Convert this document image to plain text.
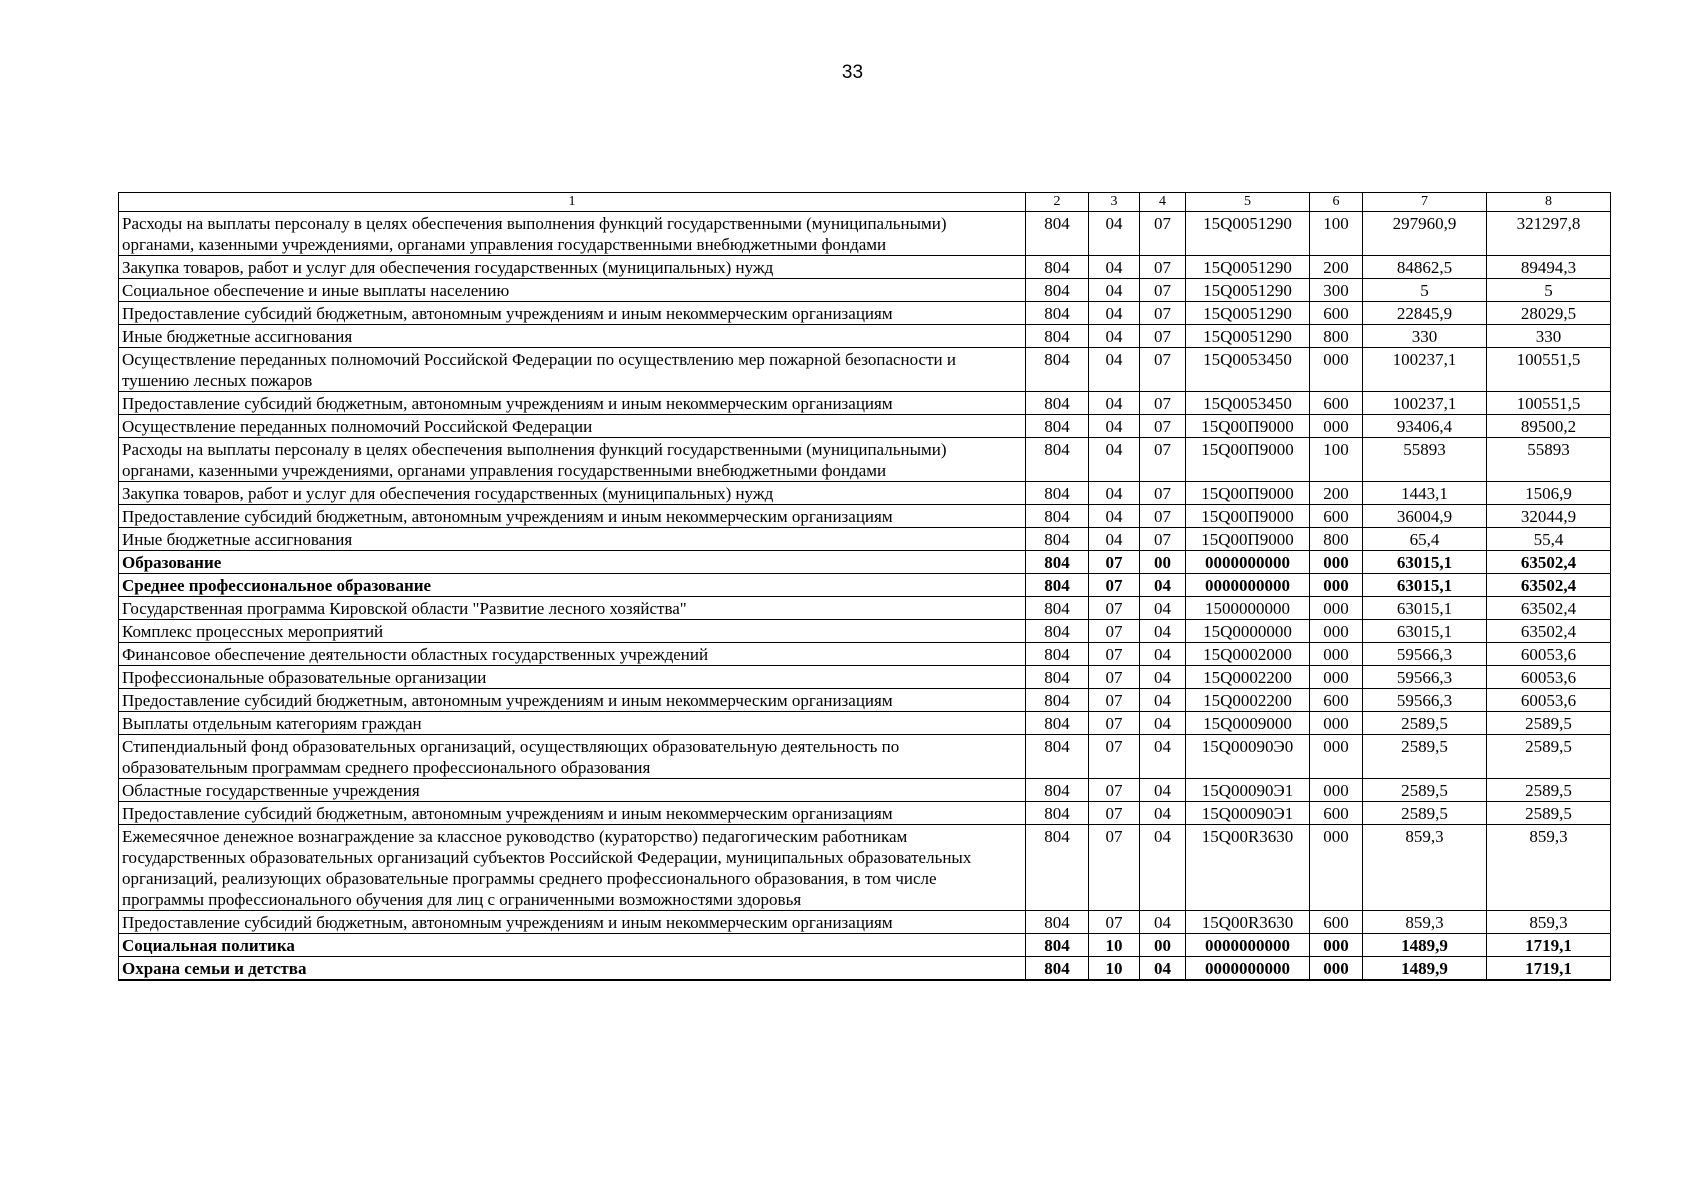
33
1	2	3	4	5	6	7	8
Расходы на выплаты персоналу в целях обеспечения выполнения функций государственными (муниципальными) органами, казенными учреждениями, органами управления государственными внебюджетными фондами	804	04	07	15Q0051290	100	297960,9	321297,8
Закупка товаров, работ и услуг для обеспечения государственных (муниципальных) нужд	804	04	07	15Q0051290	200	84862,5	89494,3
Социальное обеспечение и иные выплаты населению	804	04	07	15Q0051290	300	5	5
Предоставление субсидий бюджетным, автономным учреждениям и иным некоммерческим организациям	804	04	07	15Q0051290	600	22845,9	28029,5
Иные бюджетные ассигнования	804	04	07	15Q0051290	800	330	330
Осуществление переданных полномочий Российской Федерации по осуществлению мер пожарной безопасности и тушению лесных пожаров	804	04	07	15Q0053450	000	100237,1	100551,5
Предоставление субсидий бюджетным, автономным учреждениям и иным некоммерческим организациям	804	04	07	15Q0053450	600	100237,1	100551,5
Осуществление переданных полномочий Российской Федерации	804	04	07	15Q00П9000	000	93406,4	89500,2
Расходы на выплаты персоналу в целях обеспечения выполнения функций государственными (муниципальными) органами, казенными учреждениями, органами управления государственными внебюджетными фондами	804	04	07	15Q00П9000	100	55893	55893
Закупка товаров, работ и услуг для обеспечения государственных (муниципальных) нужд	804	04	07	15Q00П9000	200	1443,1	1506,9
Предоставление субсидий бюджетным, автономным учреждениям и иным некоммерческим организациям	804	04	07	15Q00П9000	600	36004,9	32044,9
Иные бюджетные ассигнования	804	04	07	15Q00П9000	800	65,4	55,4
Образование	804	07	00	0000000000	000	63015,1	63502,4
Среднее профессиональное образование	804	07	04	0000000000	000	63015,1	63502,4
Государственная программа Кировской области "Развитие лесного хозяйства"	804	07	04	1500000000	000	63015,1	63502,4
Комплекс процессных мероприятий	804	07	04	15Q0000000	000	63015,1	63502,4
Финансовое обеспечение деятельности областных государственных учреждений	804	07	04	15Q0002000	000	59566,3	60053,6
Профессиональные образовательные организации	804	07	04	15Q0002200	000	59566,3	60053,6
Предоставление субсидий бюджетным, автономным учреждениям и иным некоммерческим организациям	804	07	04	15Q0002200	600	59566,3	60053,6
Выплаты отдельным категориям граждан	804	07	04	15Q0009000	000	2589,5	2589,5
Стипендиальный фонд образовательных организаций, осуществляющих образовательную деятельность по образовательным программам среднего профессионального образования	804	07	04	15Q00090Э0	000	2589,5	2589,5
Областные государственные учреждения	804	07	04	15Q00090Э1	000	2589,5	2589,5
Предоставление субсидий бюджетным, автономным учреждениям и иным некоммерческим организациям	804	07	04	15Q00090Э1	600	2589,5	2589,5
Ежемесячное денежное вознаграждение за классное руководство (кураторство) педагогическим работникам государственных образовательных организаций субъектов Российской Федерации, муниципальных образовательных организаций, реализующих образовательные программы среднего профессионального образования, в том числе программы профессионального обучения для лиц с ограниченными возможностями здоровья	804	07	04	15Q00R3630	000	859,3	859,3
Предоставление субсидий бюджетным, автономным учреждениям и иным некоммерческим организациям	804	07	04	15Q00R3630	600	859,3	859,3
Социальная политика	804	10	00	0000000000	000	1489,9	1719,1
Охрана семьи и детства	804	10	04	0000000000	000	1489,9	1719,1
